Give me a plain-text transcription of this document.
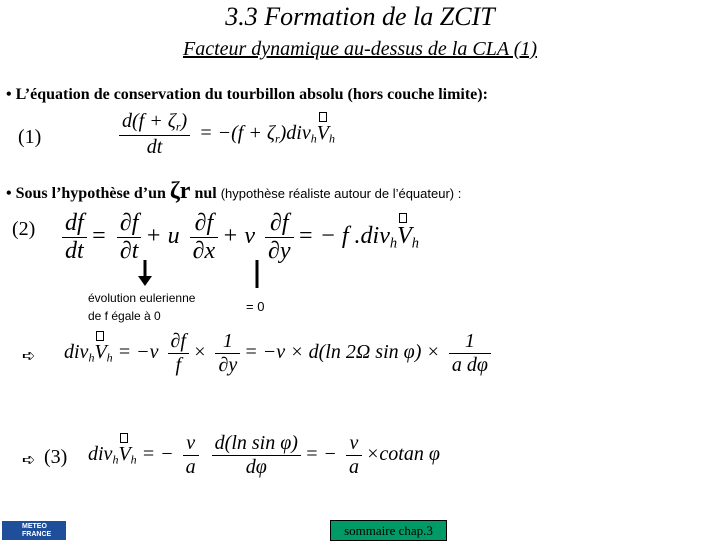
3.3 Formation de la ZCIT
Facteur dynamique au-dessus de la CLA (1)
• L’équation de conservation du tourbillon absolu (hors couche limite):
(1)	$\frac{d(f + \zeta_r)}{dt} = -(f + \zeta_r)div_hV_h$
• Sous l’hypothèse d’un ζr nul (hypothèse réaliste autour de l’équateur) :
$(2) \frac{df}{dt} = \frac{\partial f}{\partial t} + u \frac{\partial f}{\partial x} + v \frac{\partial f}{\partial y}$ = − f $.div_hV_h$
évolution eulerienne
de f égale à 0
= 0
➪ $div_hV_h = -v \frac{\partial f}{f} \times \frac{1}{\partial y} = -v \times d(\ln$ 2Ω $\sin \varphi) \times \frac{1}{\text{a dφ}}$
➪ (3) $div_hV_h$ = − $\frac{v}{a}$
$\frac{\text{d(ln sin φ)}}{d\varphi}$ = − $\frac{v}{a} \times cotan$ φ
METEO
FRANCE	sommaire chap.3
